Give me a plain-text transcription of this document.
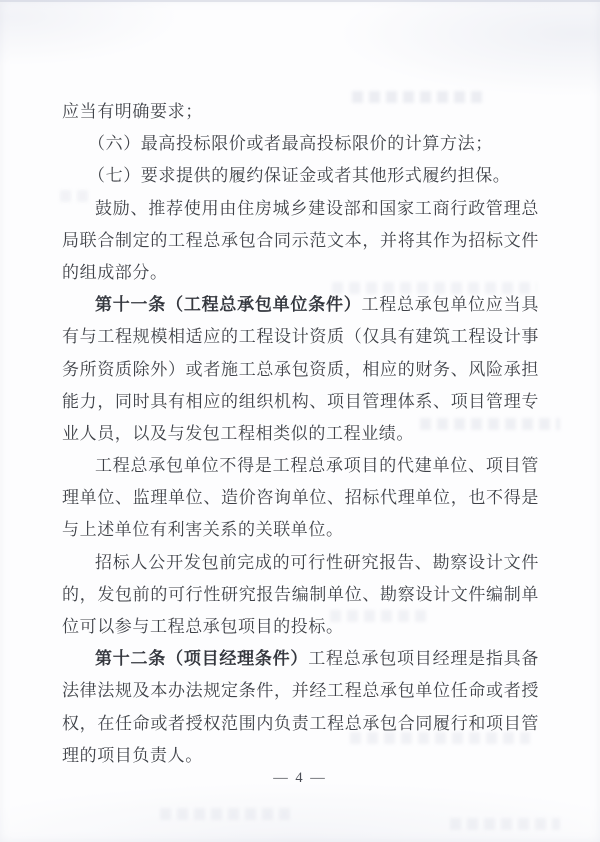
应当有明确要求；
（六）最高投标限价或者最高投标限价的计算方法；
（七）要求提供的履约保证金或者其他形式履约担保。
鼓励、推荐使用由住房城乡建设部和国家工商行政管理总
局联合制定的工程总承包合同示范文本，并将其作为招标文件
的组成部分。
第十一条（工程总承包单位条件）工程总承包单位应当具
有与工程规模相适应的工程设计资质（仅具有建筑工程设计事
务所资质除外）或者施工总承包资质，相应的财务、风险承担
能力，同时具有相应的组织机构、项目管理体系、项目管理专
业人员，以及与发包工程相类似的工程业绩。
工程总承包单位不得是工程总承项目的代建单位、项目管
理单位、监理单位、造价咨询单位、招标代理单位，也不得是
与上述单位有利害关系的关联单位。
招标人公开发包前完成的可行性研究报告、勘察设计文件
的，发包前的可行性研究报告编制单位、勘察设计文件编制单
位可以参与工程总承包项目的投标。
第十二条（项目经理条件）工程总承包项目经理是指具备
法律法规及本办法规定条件，并经工程总承包单位任命或者授
权，在任命或者授权范围内负责工程总承包合同履行和项目管
理的项目负责人。
— 4 —
